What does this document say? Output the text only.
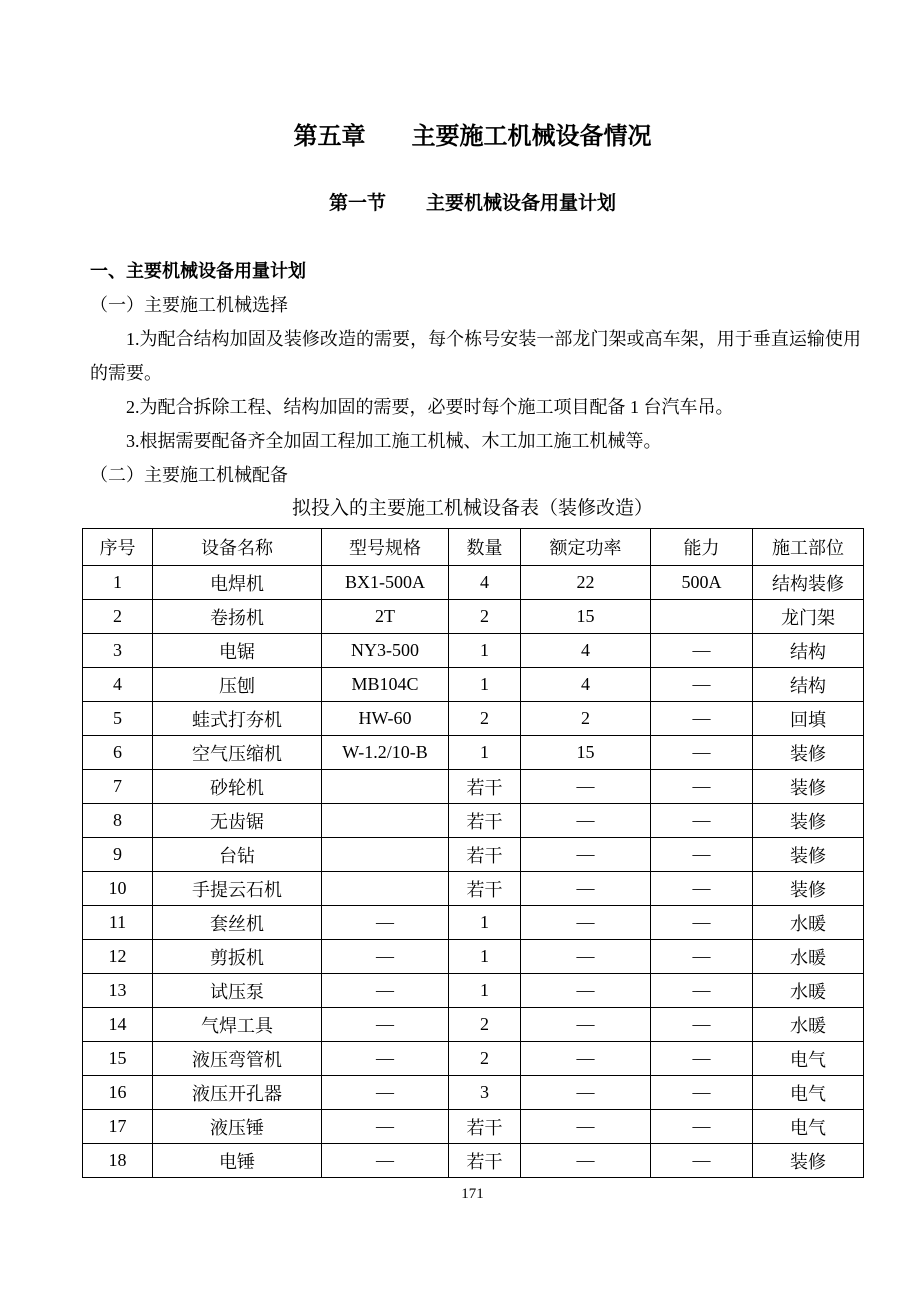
第五章 主要施工机械设备情况
第一节 主要机械设备用量计划
一、主要机械设备用量计划
（一）主要施工机械选择

1.为配合结构加固及装修改造的需要，每个栋号安装一部龙门架或高车架，用于垂直运输使用的需要。

2.为配合拆除工程、结构加固的需要，必要时每个施工项目配备 1 台汽车吊。

3.根据需要配备齐全加固工程加工施工机械、木工加工施工机械等。

（二）主要施工机械配备
拟投入的主要施工机械设备表（装修改造）
序号	设备名称	型号规格	数量	额定功率	能力	施工部位
1	电焊机	BX1-500A	4	22	500A	结构装修
2	卷扬机	2T	2	15		龙门架
3	电锯	NY3-500	1	4	—	结构
4	压刨	MB104C	1	4	—	结构
5	蛙式打夯机	HW-60	2	2	—	回填
6	空气压缩机	W-1.2/10-B	1	15	—	装修
7	砂轮机		若干	—	—	装修
8	无齿锯		若干	—	—	装修
9	台钻		若干	—	—	装修
10	手提云石机		若干	—	—	装修
11	套丝机	—	1	—	—	水暖
12	剪扳机	—	1	—	—	水暖
13	试压泵	—	1	—	—	水暖
14	气焊工具	—	2	—	—	水暖
15	液压弯管机	—	2	—	—	电气
16	液压开孔器	—	3	—	—	电气
17	液压锤	—	若干	—	—	电气
18	电锤	—	若干	—	—	装修
171
